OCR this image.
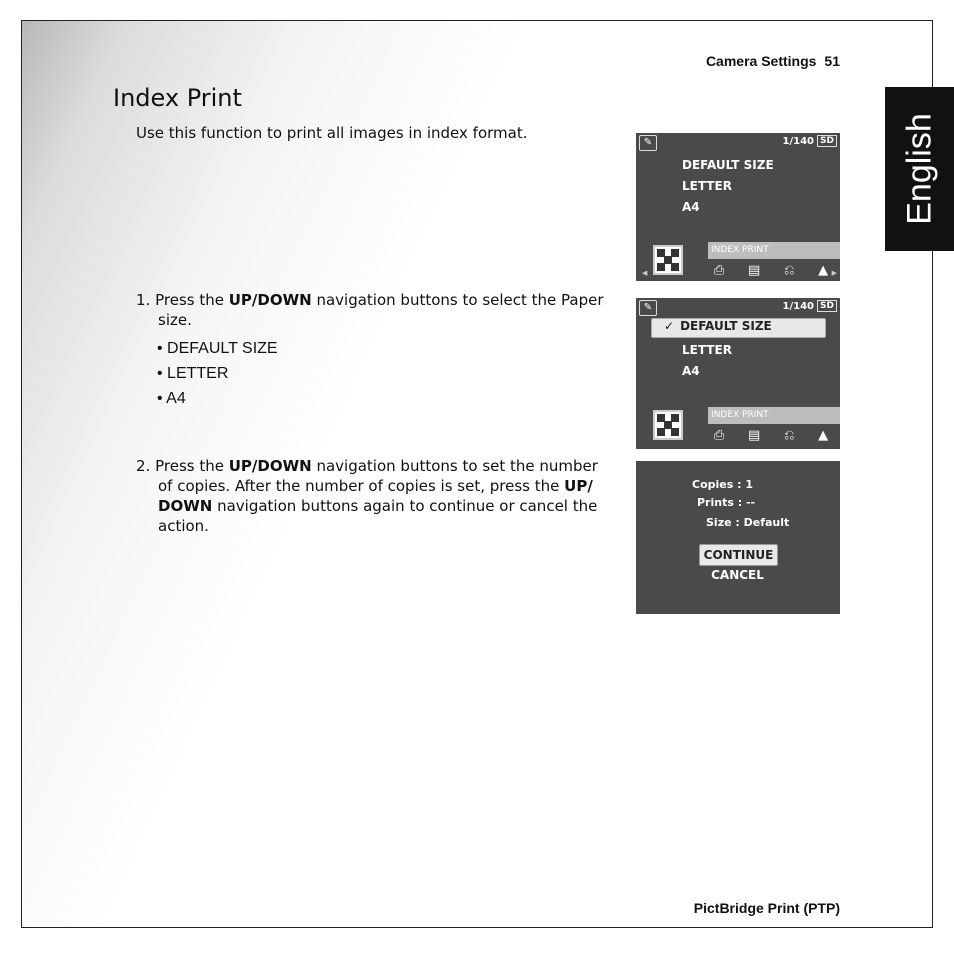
Camera Settings 51
English
Index Print
Use this function to print all images in index format.
1. Press the UP/DOWN navigation buttons to select the Paper
size.
• DEFAULT SIZE
• LETTER
• A4
2. Press the UP/DOWN navigation buttons to set the number
of copies. After the number of copies is set, press the UP/
DOWN navigation buttons again to continue or cancel the
action.
✎	1/140 SD
DEFAULT SIZE
LETTER
A4
◀
INDEX PRINT
⎙ ▤ ⎌ ▲ ▶
✎	1/140 SD
✓ DEFAULT SIZE
LETTER
A4
INDEX PRINT
⎙ ▤ ⎌ ▲
Copies : 1
Prints : --
Size : Default
CONTINUE
CANCEL
PictBridge Print (PTP)
